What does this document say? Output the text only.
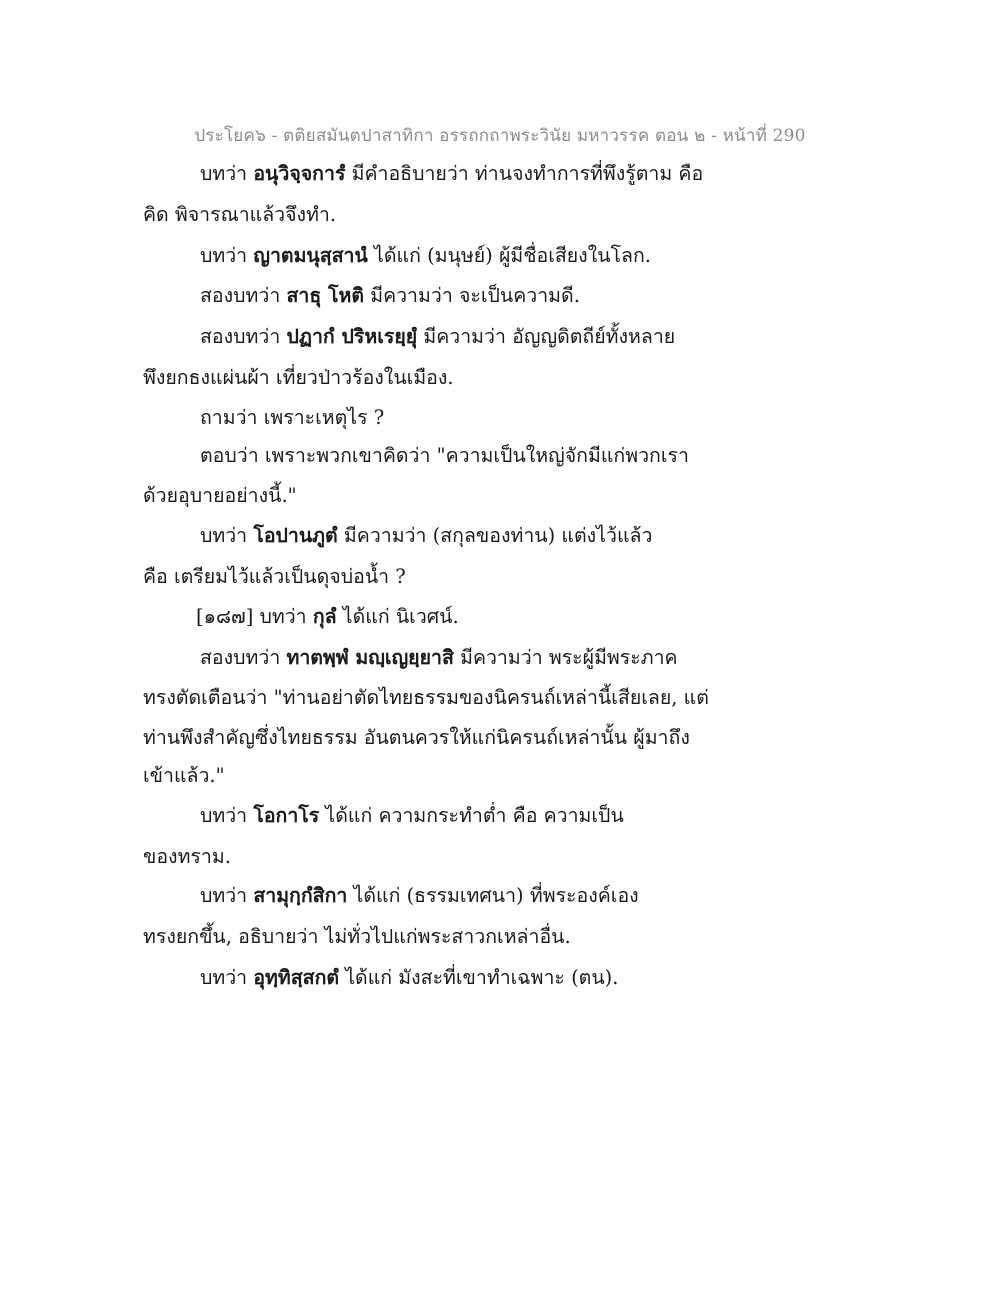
ประโยค๖ - ตติยสมันตปาสาทิกา อรรถกถาพระวินัย มหาวรรค ตอน ๒ - หน้าที่ 290
บทว่า อนุวิจฺจการํ มีคำอธิบายว่า ท่านจงทำการที่พึงรู้ตาม คือ
คิด พิจารณาแล้วจึงทำ.
บทว่า ญาตมนุสฺสานํ ได้แก่ (มนุษย์) ผู้มีชื่อเสียงในโลก.
สองบทว่า สาธุ โหติ มีความว่า จะเป็นความดี.
สองบทว่า ปฏากํ ปริหเรยฺยุํ มีความว่า อัญญดิตถีย์ทั้งหลาย
พึงยกธงแผ่นผ้า เที่ยวป่าวร้องในเมือง.
ถามว่า เพราะเหตุไร ?
ตอบว่า เพราะพวกเขาคิดว่า "ความเป็นใหญ่จักมีแก่พวกเรา
ด้วยอุบายอย่างนี้."
บทว่า โอปานภูตํ มีความว่า (สกุลของท่าน) แต่งไว้แล้ว
คือ เตรียมไว้แล้วเป็นดุจบ่อน้ำ ?
[๑๘๗] บทว่า กุลํ ได้แก่ นิเวศน์.
สองบทว่า ทาตพฺพํ มญฺเญยฺยาสิ มีความว่า พระผู้มีพระภาค
ทรงตัดเตือนว่า "ท่านอย่าตัดไทยธรรมของนิครนถ์เหล่านี้เสียเลย, แต่
ท่านพึงสำคัญซึ่งไทยธรรม อันตนควรให้แก่นิครนถ์เหล่านั้น ผู้มาถึง
เข้าแล้ว."
บทว่า โอกาโร ได้แก่ ความกระทำต่ำ คือ ความเป็น
ของทราม.
บทว่า สามุกฺกํสิกา ได้แก่ (ธรรมเทศนา) ที่พระองค์เอง
ทรงยกขึ้น, อธิบายว่า ไม่ทั่วไปแก่พระสาวกเหล่าอื่น.
บทว่า อุทฺทิสฺสกตํ ได้แก่ มังสะที่เขาทำเฉพาะ (ตน).
